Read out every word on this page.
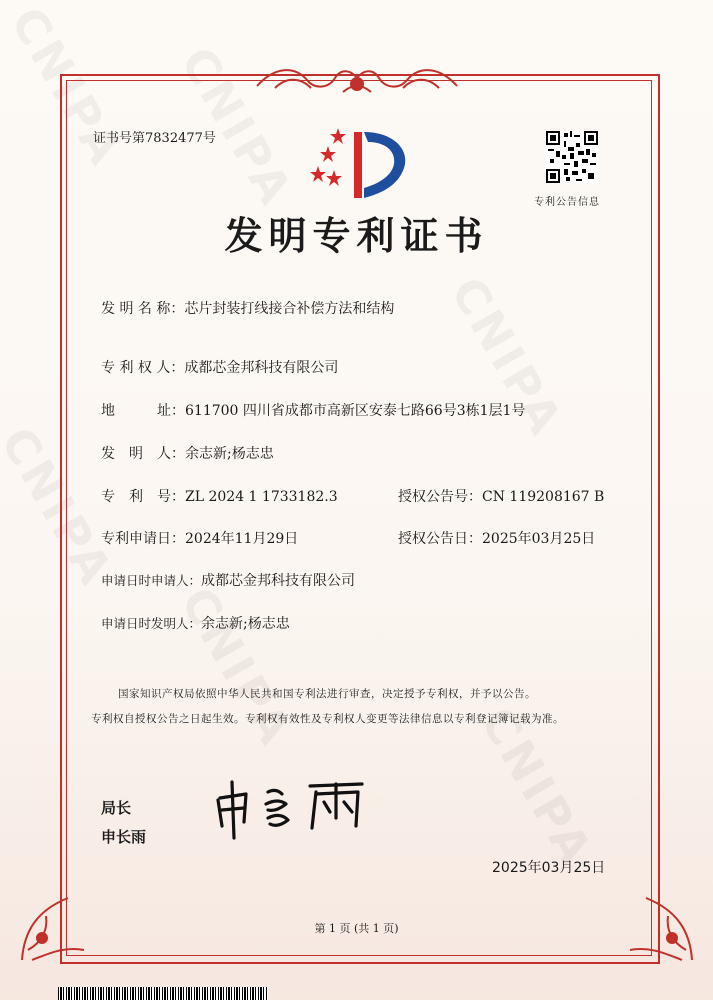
证书号第7832477号
专利公告信息
发明专利证书
发 明 名 称：芯片封装打线接合补偿方法和结构
专 利 权 人：成都芯金邦科技有限公司
地　　　址：611700 四川省成都市高新区安泰七路66号3栋1层1号
发　明　人：余志新;杨志忠
专　利　号：ZL 2024 1 1733182.3	授权公告号：CN 119208167 B
专利申请日：2024年11月29日	授权公告日：2025年03月25日
申请日时申请人：成都芯金邦科技有限公司
申请日时发明人：余志新;杨志忠
国家知识产权局依照中华人民共和国专利法进行审查，决定授予专利权，并予以公告。
专利权自授权公告之日起生效。专利权有效性及专利权人变更等法律信息以专利登记簿记载为准。
局长
申长雨
2025年03月25日
第 1 页 (共 1 页)
